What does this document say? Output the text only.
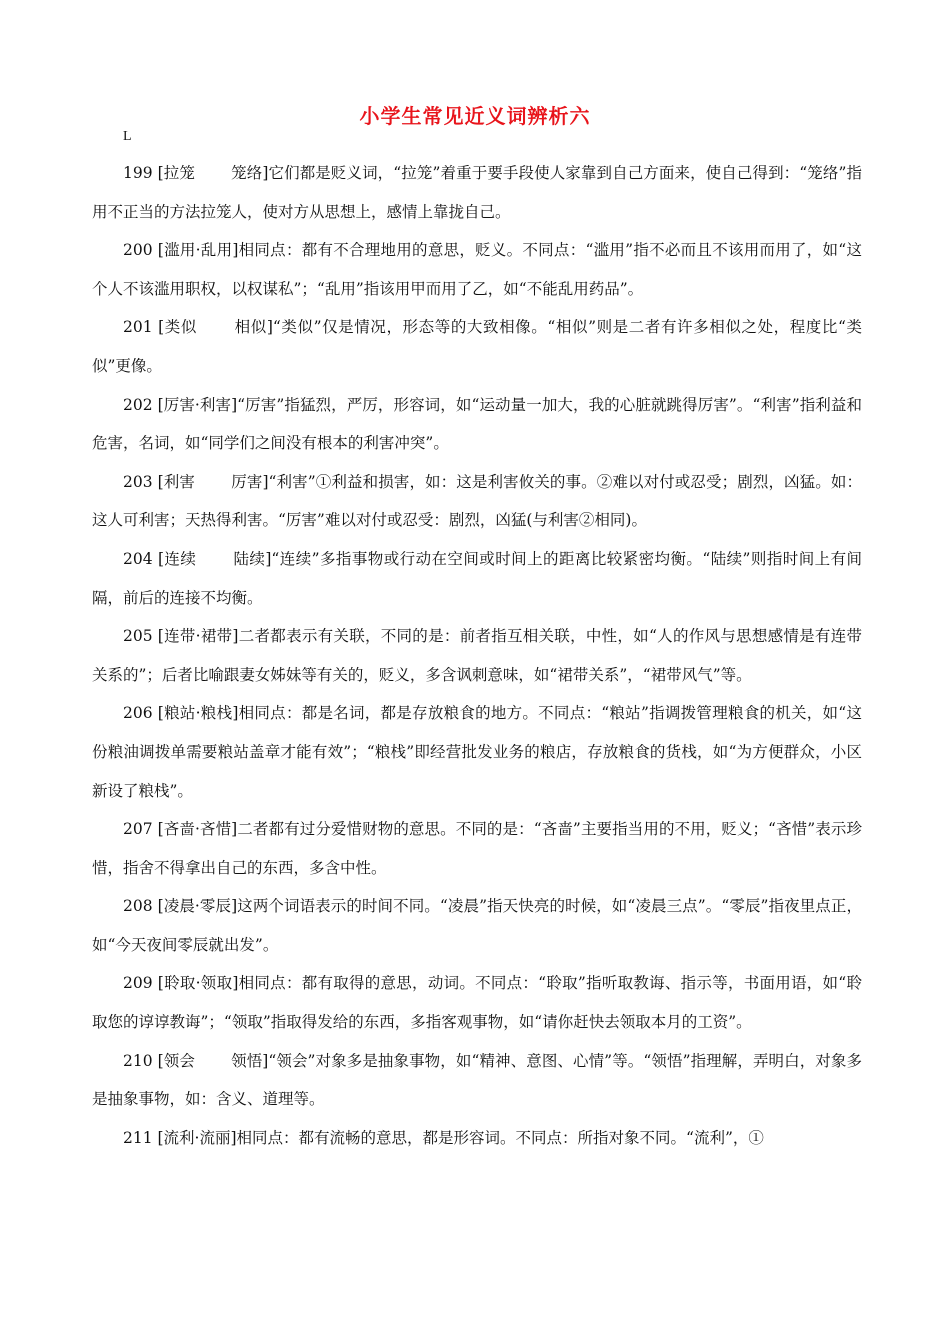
小学生常见近义词辨析六
L

199 [拉笼　　 笼络]它们都是贬义词，“拉笼”着重于要手段使人家靠到自己方面来，使自己得到：“笼络”指用不正当的方法拉笼人，使对方从思想上，感情上靠拢自己。

200 [滥用·乱用]相同点：都有不合理地用的意思，贬义。不同点：“滥用”指不必而且不该用而用了，如“这个人不该滥用职权，以权谋私”；“乱用”指该用甲而用了乙，如“不能乱用药品”。

201 [类似　　 相似]“类似”仅是情况，形态等的大致相像。“相似”则是二者有许多相似之处，程度比“类似”更像。

202 [厉害·利害]“厉害”指猛烈，严厉，形容词，如“运动量一加大，我的心脏就跳得厉害”。“利害”指利益和危害，名词，如“同学们之间没有根本的利害冲突”。

203 [利害　　 厉害]“利害”①利益和损害，如：这是利害攸关的事。②难以对付或忍受；剧烈，凶猛。如：这人可利害；天热得利害。“厉害”难以对付或忍受：剧烈，凶猛(与利害②相同)。

204 [连续　　 陆续]“连续”多指事物或行动在空间或时间上的距离比较紧密均衡。“陆续”则指时间上有间隔，前后的连接不均衡。

205 [连带·裙带]二者都表示有关联，不同的是：前者指互相关联，中性，如“人的作风与思想感情是有连带关系的”；后者比喻跟妻女姊妹等有关的，贬义，多含讽刺意味，如“裙带关系”，“裙带风气”等。

206 [粮站·粮栈]相同点：都是名词，都是存放粮食的地方。不同点：“粮站”指调拨管理粮食的机关，如“这份粮油调拨单需要粮站盖章才能有效”；“粮栈”即经营批发业务的粮店，存放粮食的货栈，如“为方便群众，小区新设了粮栈”。

207 [吝啬·吝惜]二者都有过分爱惜财物的意思。不同的是：“吝啬”主要指当用的不用，贬义；“吝惜”表示珍惜，指舍不得拿出自己的东西，多含中性。

208 [凌晨·零辰]这两个词语表示的时间不同。“凌晨”指天快亮的时候，如“凌晨三点”。“零辰”指夜里点正，如“今天夜间零辰就出发”。

209 [聆取·领取]相同点：都有取得的意思，动词。不同点：“聆取”指听取教诲、指示等，书面用语，如“聆取您的谆谆教诲”；“领取”指取得发给的东西，多指客观事物，如“请你赶快去领取本月的工资”。

210 [领会　　 领悟]“领会”对象多是抽象事物，如“精神、意图、心情”等。“领悟”指理解，弄明白，对象多是抽象事物，如：含义、道理等。

211 [流利·流丽]相同点：都有流畅的意思，都是形容词。不同点：所指对象不同。“流利”，①
